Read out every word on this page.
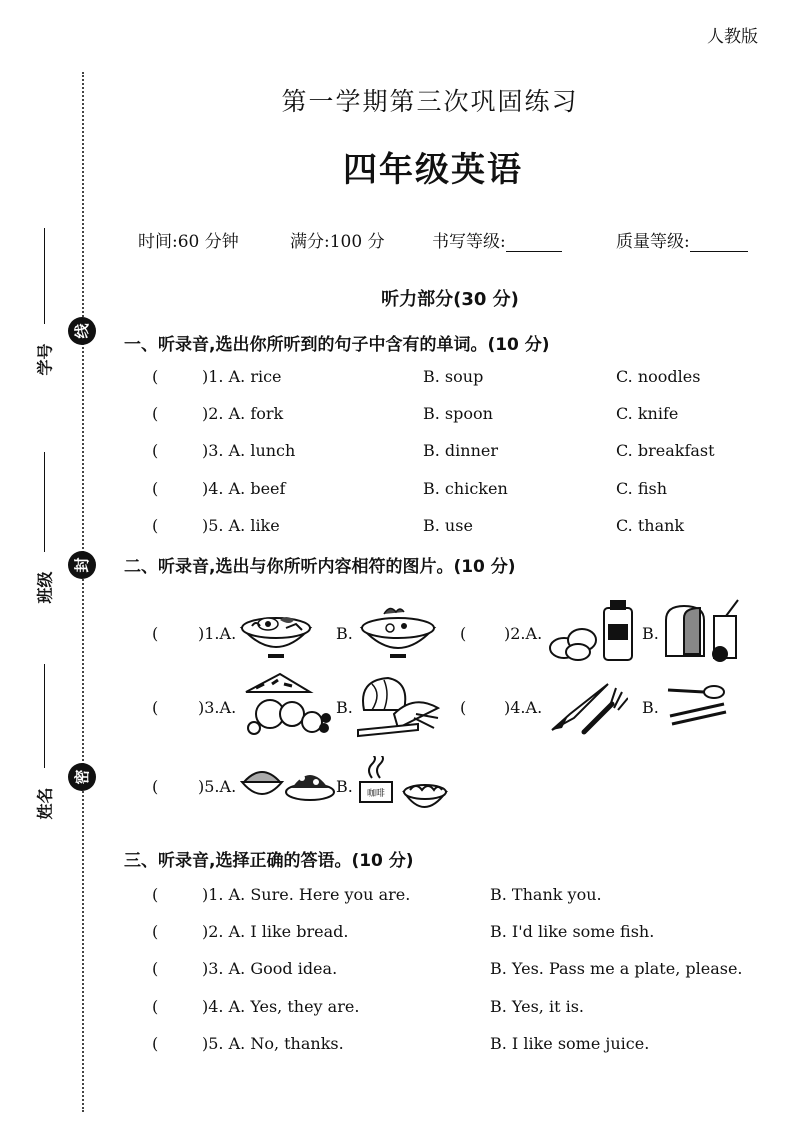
人教版
第一学期第三次巩固练习
四年级英语
时间:60 分钟	满分:100 分	书写等级:	质量等级:
线
封
密
学号
班级
姓名
听力部分(30 分)
一、听录音,选出你所听到的句子中含有的单词。(10 分)
(	)1. A. rice	B. soup	C. noodles
(	)2. A. fork	B. spoon	C. knife
(	)3. A. lunch	B. dinner	C. breakfast
(	)4. A. beef	B. chicken	C. fish
(	)5. A. like	B. use	C. thank
二、听录音,选出与你所听内容相符的图片。(10 分)
( )1.A.	B.	( )2.A.	B.
( )3.A.	B.	( )4.A.	B.
( )5.A.	B. 咖啡
三、听录音,选择正确的答语。(10 分)
(	)1. A. Sure. Here you are.	B. Thank you.
(	)2. A. I like bread.	B. I'd like some fish.
(	)3. A. Good idea.	B. Yes. Pass me a plate, please.
(	)4. A. Yes, they are.	B. Yes, it is.
(	)5. A. No, thanks.	B. I like some juice.
